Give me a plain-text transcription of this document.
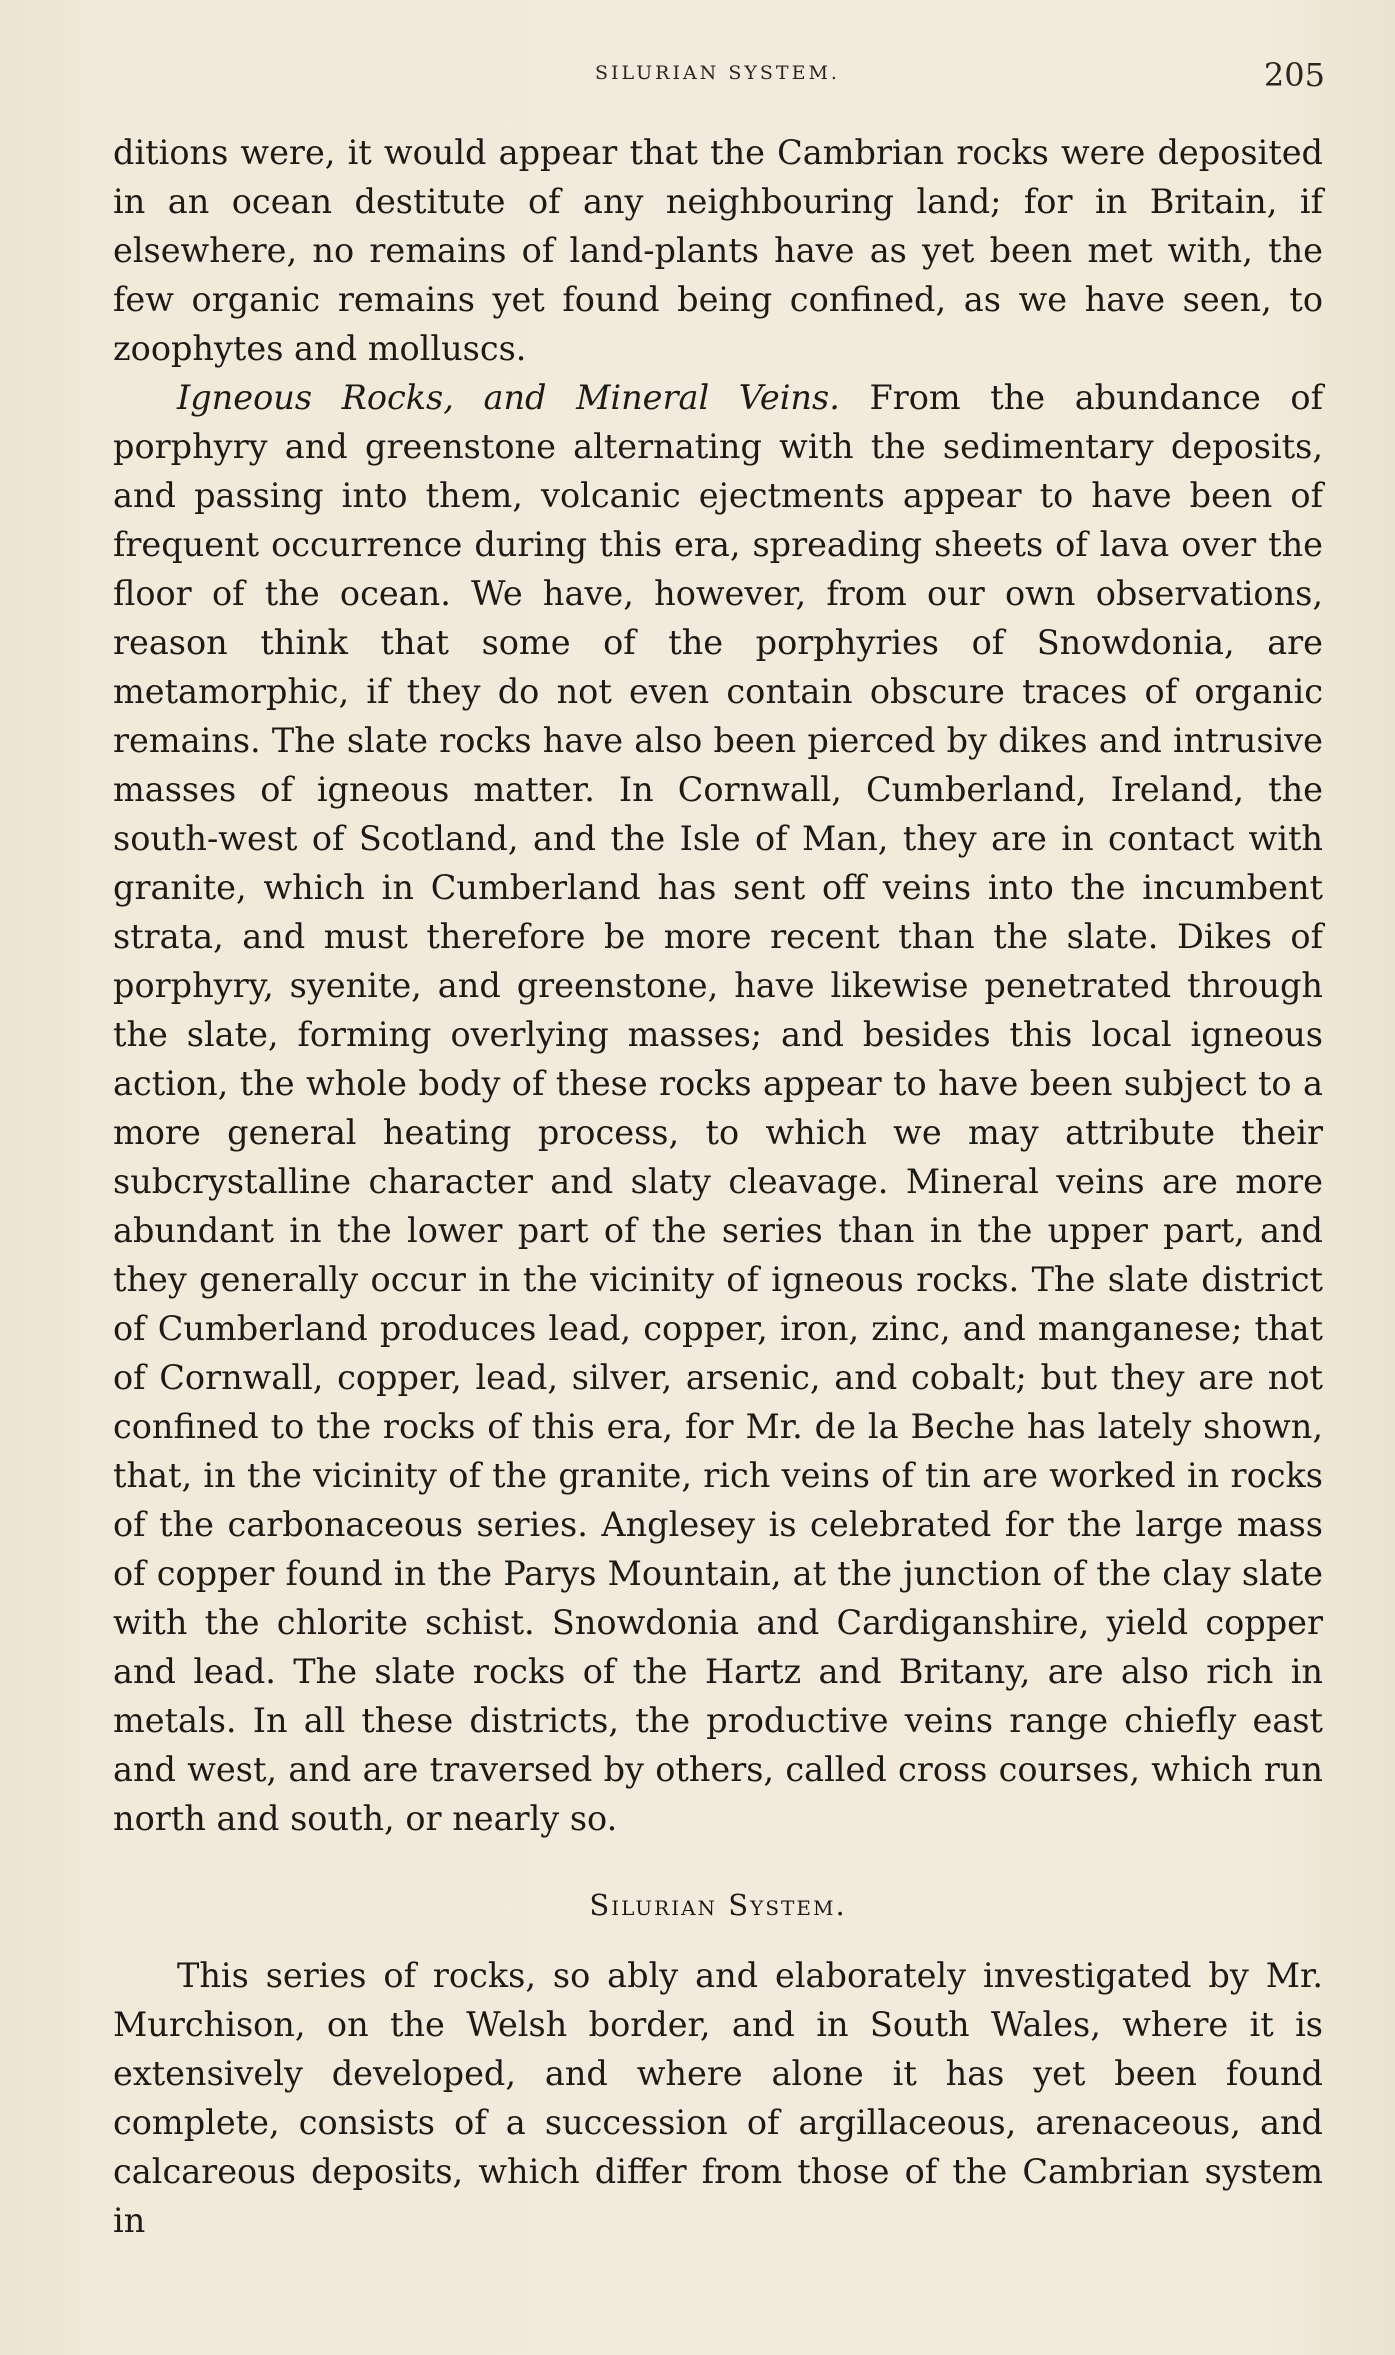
SILURIAN SYSTEM.	205

ditions were, it would appear that the Cambrian rocks were deposited in an ocean destitute of any neighbouring land; for in Britain, if elsewhere, no remains of land-plants have as yet been met with, the few organic remains yet found being confined, as we have seen, to zoophytes and molluscs.

Igneous Rocks, and Mineral Veins. From the abundance of porphyry and greenstone alternating with the sedimentary deposits, and passing into them, volcanic ejectments appear to have been of frequent occurrence during this era, spreading sheets of lava over the floor of the ocean. We have, however, from our own observations, reason think that some of the porphyries of Snowdonia, are metamorphic, if they do not even contain obscure traces of organic remains. The slate rocks have also been pierced by dikes and intrusive masses of igneous matter. In Cornwall, Cumberland, Ireland, the south-west of Scotland, and the Isle of Man, they are in contact with granite, which in Cumberland has sent off veins into the incumbent strata, and must therefore be more recent than the slate. Dikes of porphyry, syenite, and greenstone, have likewise penetrated through the slate, forming overlying masses; and besides this local igneous action, the whole body of these rocks appear to have been subject to a more general heating process, to which we may attribute their subcrystalline character and slaty cleavage. Mineral veins are more abundant in the lower part of the series than in the upper part, and they generally occur in the vicinity of igneous rocks. The slate district of Cumberland produces lead, copper, iron, zinc, and manganese; that of Cornwall, copper, lead, silver, arsenic, and cobalt; but they are not confined to the rocks of this era, for Mr. de la Beche has lately shown, that, in the vicinity of the granite, rich veins of tin are worked in rocks of the carbonaceous series. Anglesey is celebrated for the large mass of copper found in the Parys Mountain, at the junction of the clay slate with the chlorite schist. Snowdonia and Cardiganshire, yield copper and lead. The slate rocks of the Hartz and Britany, are also rich in metals. In all these districts, the productive veins range chiefly east and west, and are traversed by others, called cross courses, which run north and south, or nearly so.

Silurian System.

This series of rocks, so ably and elaborately investigated by Mr. Murchison, on the Welsh border, and in South Wales, where it is extensively developed, and where alone it has yet been found complete, consists of a succession of argillaceous, arenaceous, and calcareous deposits, which differ from those of the Cambrian system in
